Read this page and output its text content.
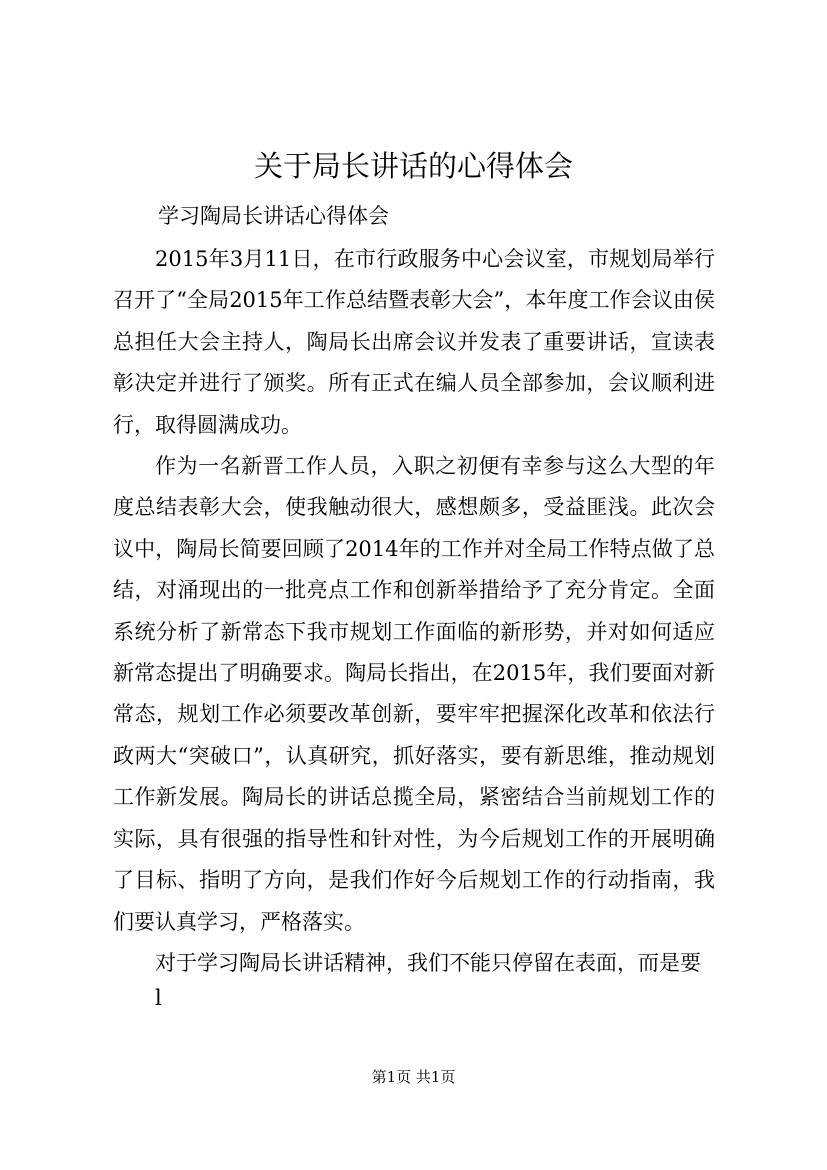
关于局长讲话的心得体会

学习陶局长讲话心得体会

2015年3月11日，在市行政服务中心会议室，市规划局举行召开了“全局2015年工作总结暨表彰大会”，本年度工作会议由侯总担任大会主持人，陶局长出席会议并发表了重要讲话，宣读表彰决定并进行了颁奖。所有正式在编人员全部参加，会议顺利进行，取得圆满成功。

作为一名新晋工作人员，入职之初便有幸参与这么大型的年度总结表彰大会，使我触动很大，感想颇多，受益匪浅。此次会议中，陶局长简要回顾了2014年的工作并对全局工作特点做了总结，对涌现出的一批亮点工作和创新举措给予了充分肯定。全面系统分析了新常态下我市规划工作面临的新形势，并对如何适应新常态提出了明确要求。陶局长指出，在2015年，我们要面对新常态，规划工作必须要改革创新，要牢牢把握深化改革和依法行政两大“突破口”，认真研究，抓好落实，要有新思维，推动规划工作新发展。陶局长的讲话总揽全局，紧密结合当前规划工作的实际，具有很强的指导性和针对性，为今后规划工作的开展明确了目标、指明了方向，是我们作好今后规划工作的行动指南，我们要认真学习，严格落实。

对于学习陶局长讲话精神，我们不能只停留在表面，而是要

l

第1页 共1页
